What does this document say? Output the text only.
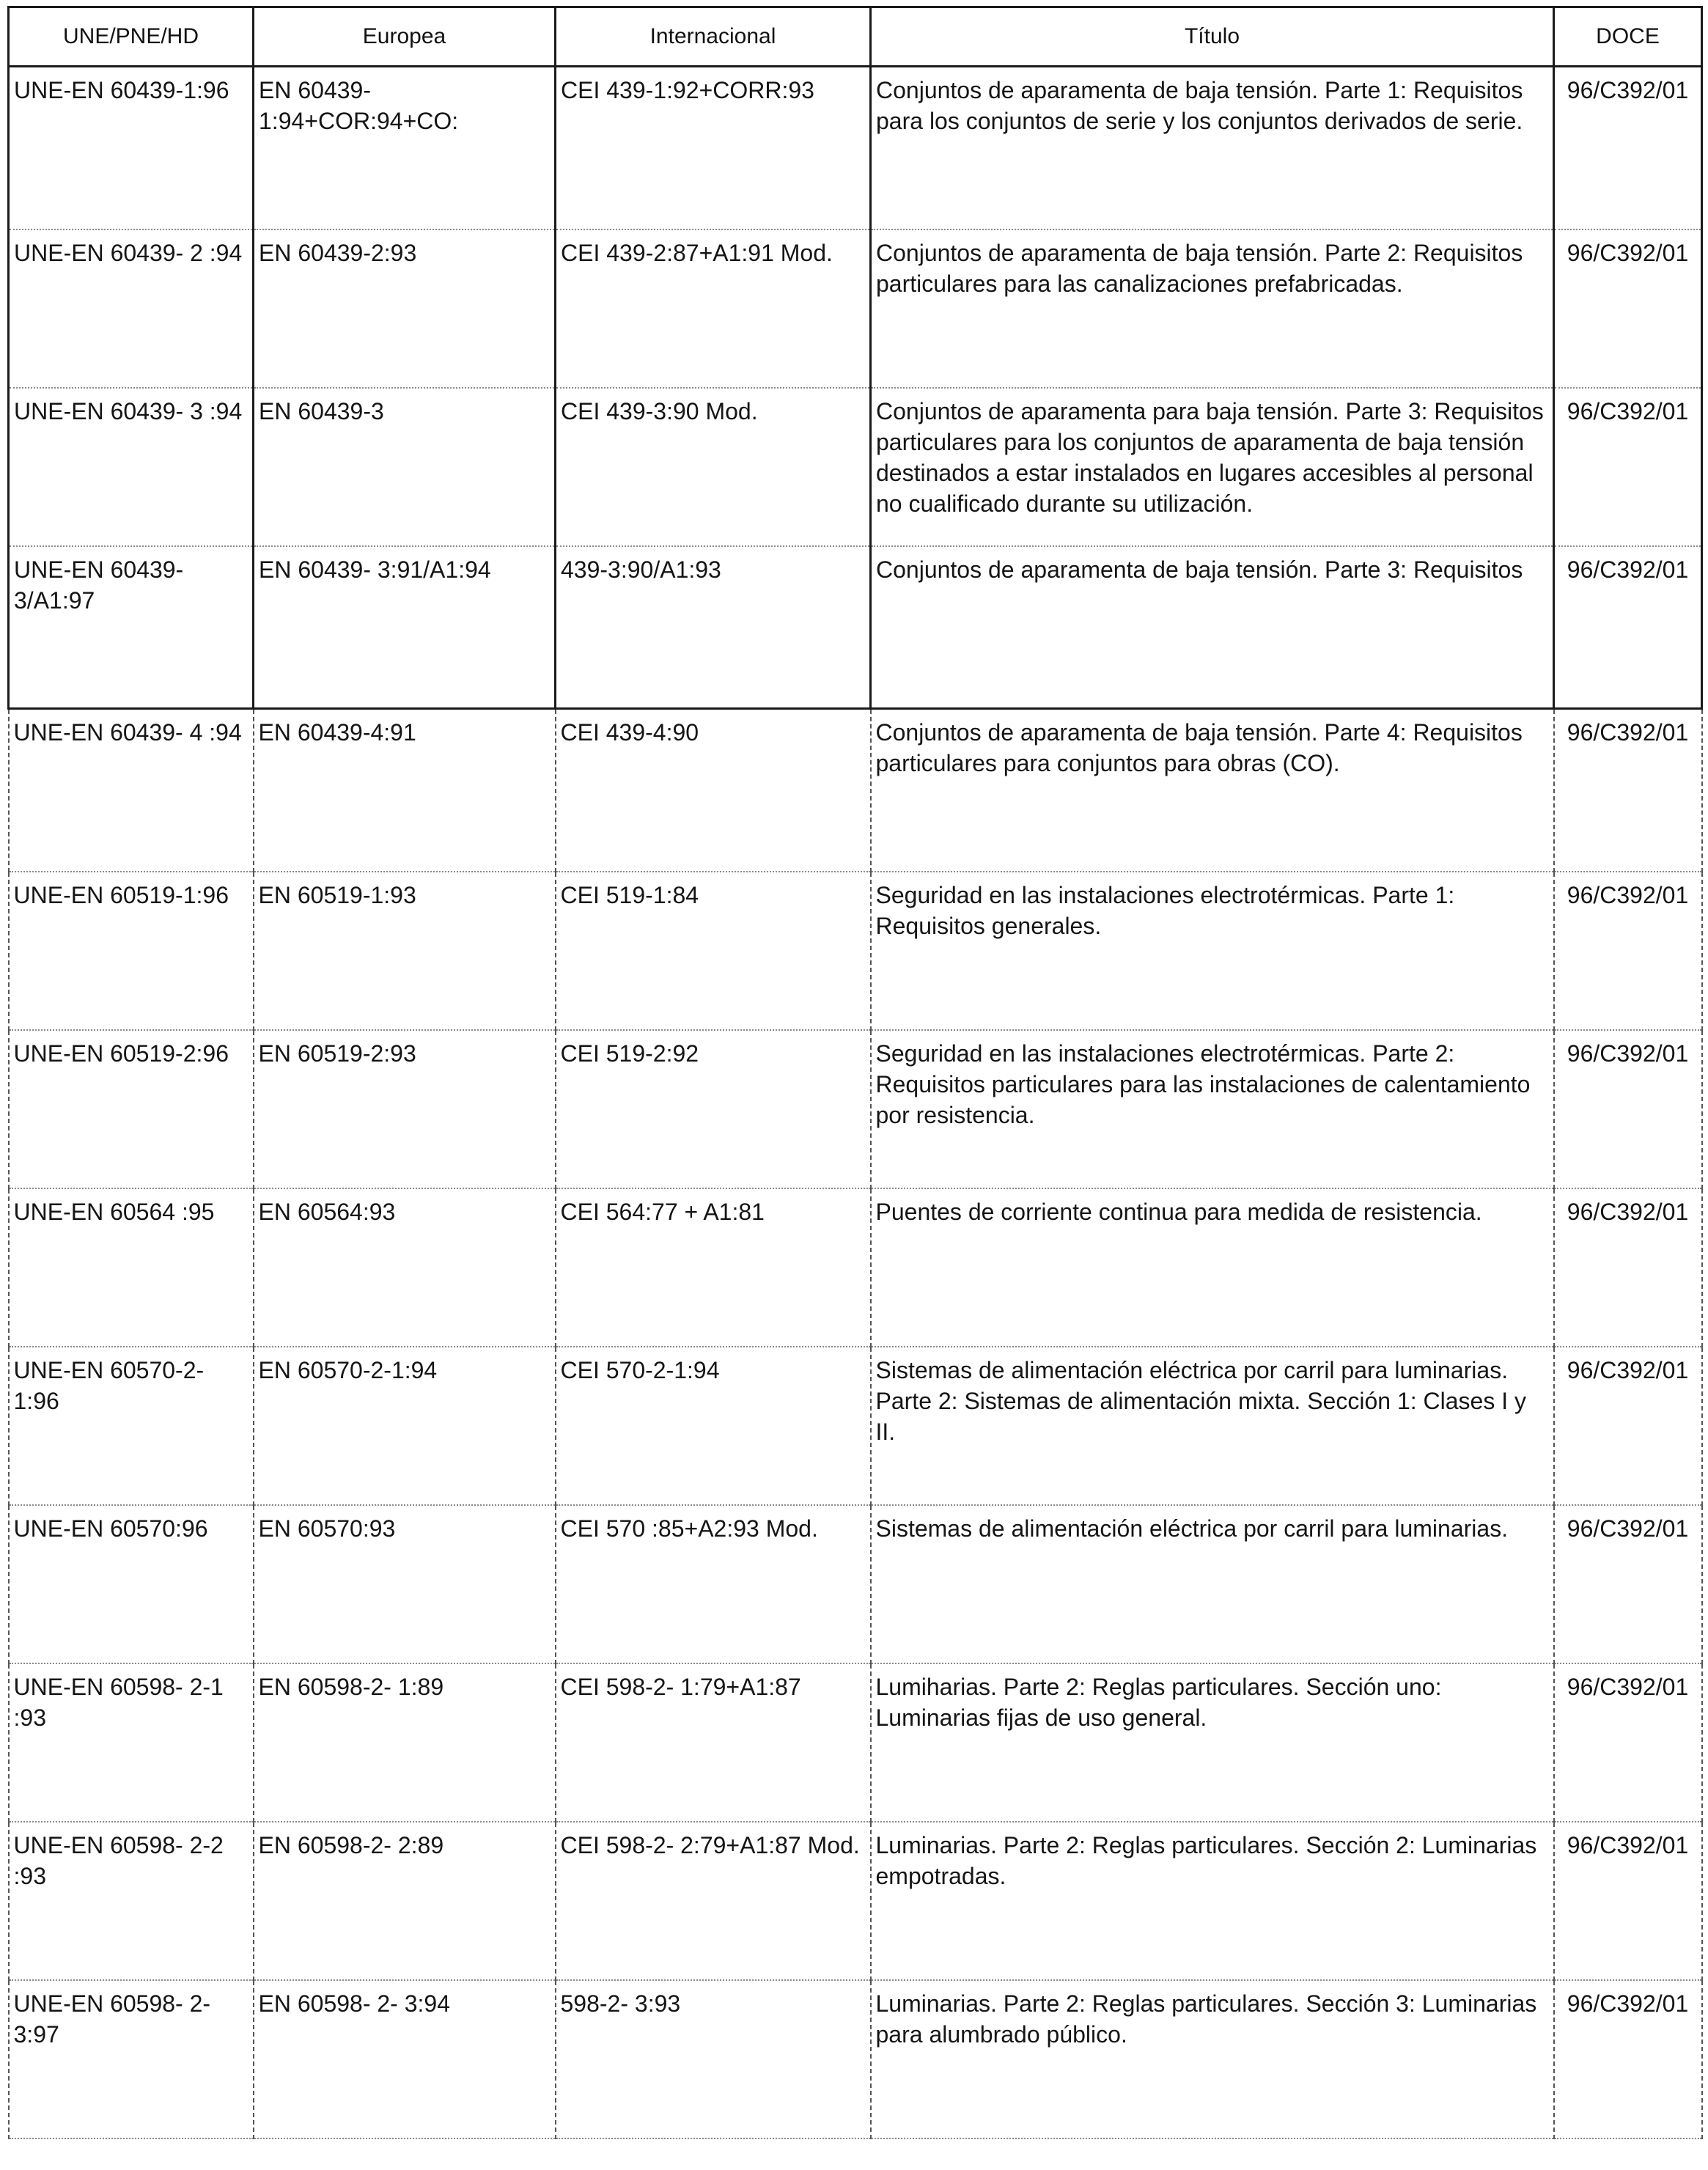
UNE/PNE/HD	Europea	Internacional	Título	DOCE
UNE-EN 60439-1:96	EN 60439-1:94+COR:94+CO:	CEI 439-1:92+CORR:93	Conjuntos de aparamenta de baja tensión. Parte 1: Requisitos para los conjuntos de serie y los conjuntos derivados de serie.	96/C392/01
UNE-EN 60439- 2 :94	EN 60439-2:93	CEI 439-2:87+A1:91 Mod.	Conjuntos de aparamenta de baja tensión. Parte 2: Requisitos particulares para las canalizaciones prefabricadas.	96/C392/01
UNE-EN 60439- 3 :94	EN 60439-3	CEI 439-3:90 Mod.	Conjuntos de aparamenta para baja tensión. Parte 3: Requisitos particulares para los conjuntos de aparamenta de baja tensión destinados a estar instalados en lugares accesibles al personal no cualificado durante su utilización.	96/C392/01
UNE-EN 60439-3/A1:97	EN 60439- 3:91/A1:94	439-3:90/A1:93	Conjuntos de aparamenta de baja tensión. Parte 3: Requisitos	96/C392/01
UNE-EN 60439- 4 :94	EN 60439-4:91	CEI 439-4:90	Conjuntos de aparamenta de baja tensión. Parte 4: Requisitos particulares para conjuntos para obras (CO).	96/C392/01
UNE-EN 60519-1:96	EN 60519-1:93	CEI 519-1:84	Seguridad en las instalaciones electrotérmicas. Parte 1: Requisitos generales.	96/C392/01
UNE-EN 60519-2:96	EN 60519-2:93	CEI 519-2:92	Seguridad en las instalaciones electrotérmicas. Parte 2: Requisitos particulares para las instalaciones de calentamiento por resistencia.	96/C392/01
UNE-EN 60564 :95	EN 60564:93	CEI 564:77 + A1:81	Puentes de corriente continua para medida de resistencia.	96/C392/01
UNE-EN 60570-2-1:96	EN 60570-2-1:94	CEI 570-2-1:94	Sistemas de alimentación eléctrica por carril para luminarias. Parte 2: Sistemas de alimentación mixta. Sección 1: Clases I y II.	96/C392/01
UNE-EN 60570:96	EN 60570:93	CEI 570 :85+A2:93 Mod.	Sistemas de alimentación eléctrica por carril para luminarias.	96/C392/01
UNE-EN 60598- 2-1 :93	EN 60598-2- 1:89	CEI 598-2- 1:79+A1:87	Lumiharias. Parte 2: Reglas particulares. Sección uno: Luminarias fijas de uso general.	96/C392/01
UNE-EN 60598- 2-2 :93	EN 60598-2- 2:89	CEI 598-2- 2:79+A1:87 Mod.	Luminarias. Parte 2: Reglas particulares. Sección 2: Luminarias empotradas.	96/C392/01
UNE-EN 60598- 2-3:97	EN 60598- 2- 3:94	598-2- 3:93	Luminarias. Parte 2: Reglas particulares. Sección 3: Luminarias para alumbrado público.	96/C392/01
